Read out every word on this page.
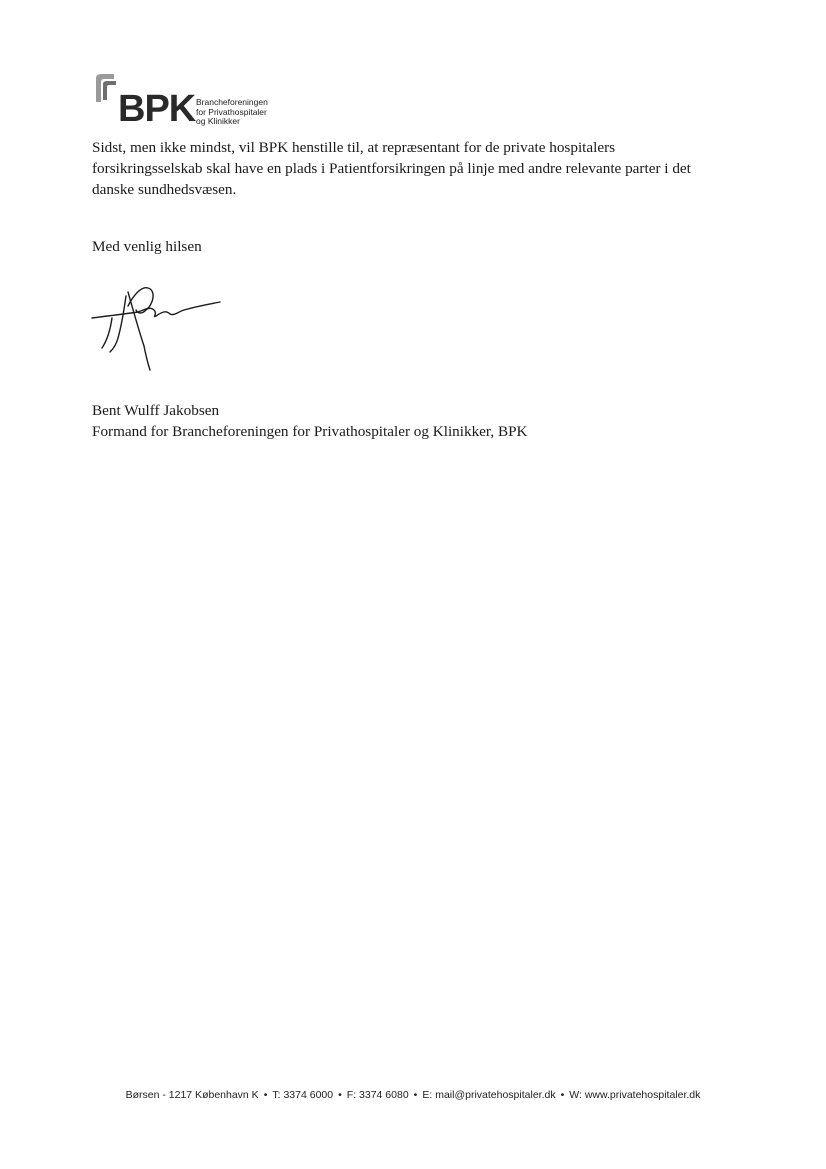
BPK Brancheforeningen
for Privathospitaler
og Klinikker
Sidst, men ikke mindst, vil BPK henstille til, at repræsentant for de private hospitalers
forsikringsselskab skal have en plads i Patientforsikringen på linje med andre relevante parter i det
danske sundhedsvæsen.
Med venlig hilsen
Bent Wulff Jakobsen
Formand for Brancheforeningen for Privathospitaler og Klinikker, BPK
Børsen - 1217 København K • T: 3374 6000 • F: 3374 6080 • E: mail@privatehospitaler.dk • W: www.privatehospitaler.dk
